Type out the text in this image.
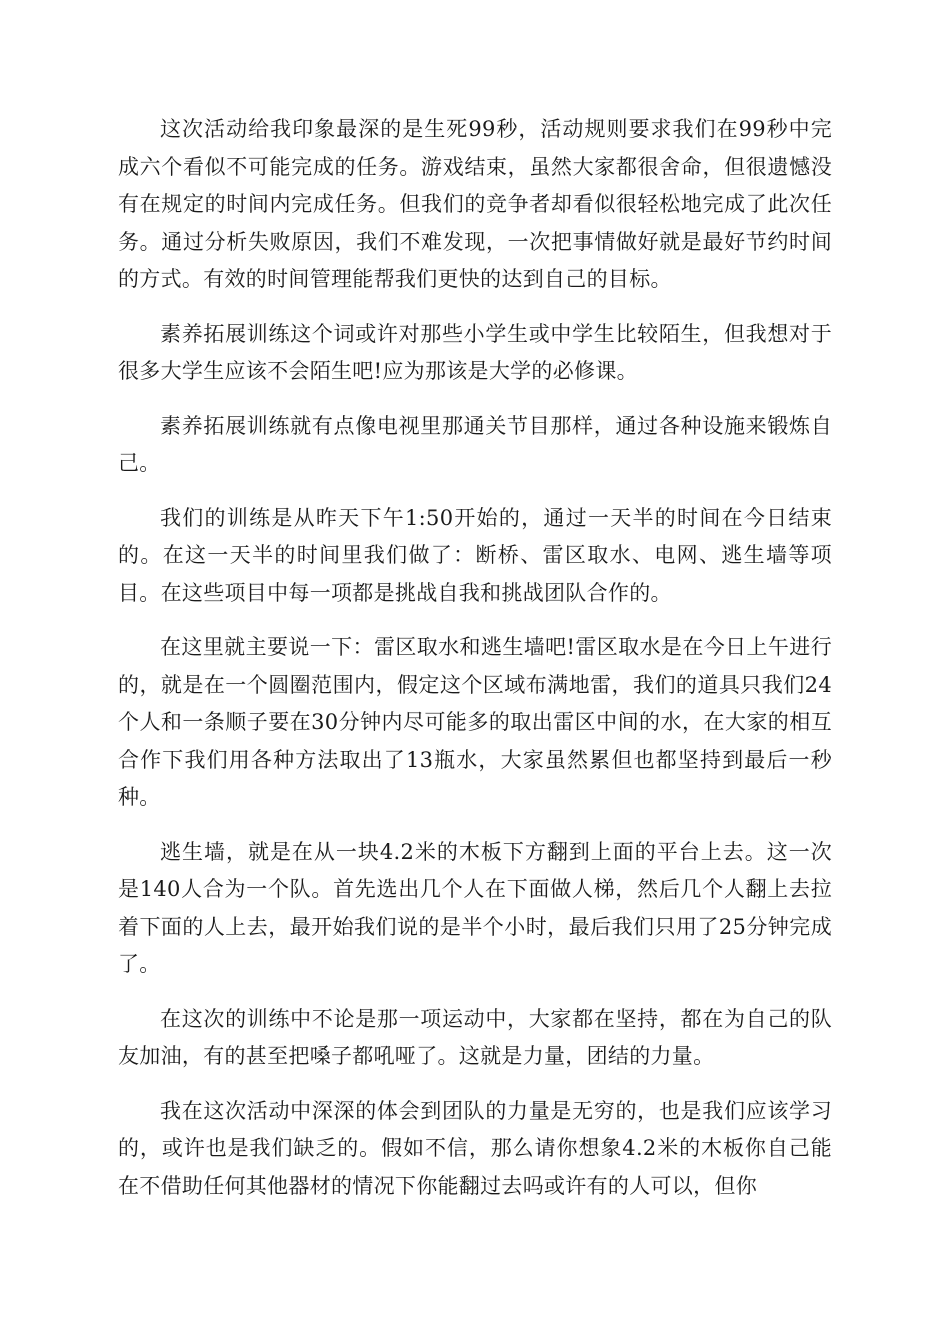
这次活动给我印象最深的是生死99秒，活动规则要求我们在99秒中完成六个看似不可能完成的任务。游戏结束，虽然大家都很舍命，但很遗憾没有在规定的时间内完成任务。但我们的竞争者却看似很轻松地完成了此次任务。通过分析失败原因，我们不难发现，一次把事情做好就是最好节约时间的方式。有效的时间管理能帮我们更快的达到自己的目标。

素养拓展训练这个词或许对那些小学生或中学生比较陌生，但我想对于很多大学生应该不会陌生吧!应为那该是大学的必修课。

素养拓展训练就有点像电视里那通关节目那样，通过各种设施来锻炼自己。

我们的训练是从昨天下午1:50开始的，通过一天半的时间在今日结束的。在这一天半的时间里我们做了：断桥、雷区取水、电网、逃生墙等项目。在这些项目中每一项都是挑战自我和挑战团队合作的。

在这里就主要说一下：雷区取水和逃生墙吧!雷区取水是在今日上午进行的，就是在一个圆圈范围内，假定这个区域布满地雷，我们的道具只我们24个人和一条顺子要在30分钟内尽可能多的取出雷区中间的水，在大家的相互合作下我们用各种方法取出了13瓶水，大家虽然累但也都坚持到最后一秒种。

逃生墙，就是在从一块4.2米的木板下方翻到上面的平台上去。这一次是140人合为一个队。首先选出几个人在下面做人梯，然后几个人翻上去拉着下面的人上去，最开始我们说的是半个小时，最后我们只用了25分钟完成了。

在这次的训练中不论是那一项运动中，大家都在坚持，都在为自己的队友加油，有的甚至把嗓子都吼哑了。这就是力量，团结的力量。

我在这次活动中深深的体会到团队的力量是无穷的，也是我们应该学习的，或许也是我们缺乏的。假如不信，那么请你想象4.2米的木板你自己能在不借助任何其他器材的情况下你能翻过去吗或许有的人可以，但你
